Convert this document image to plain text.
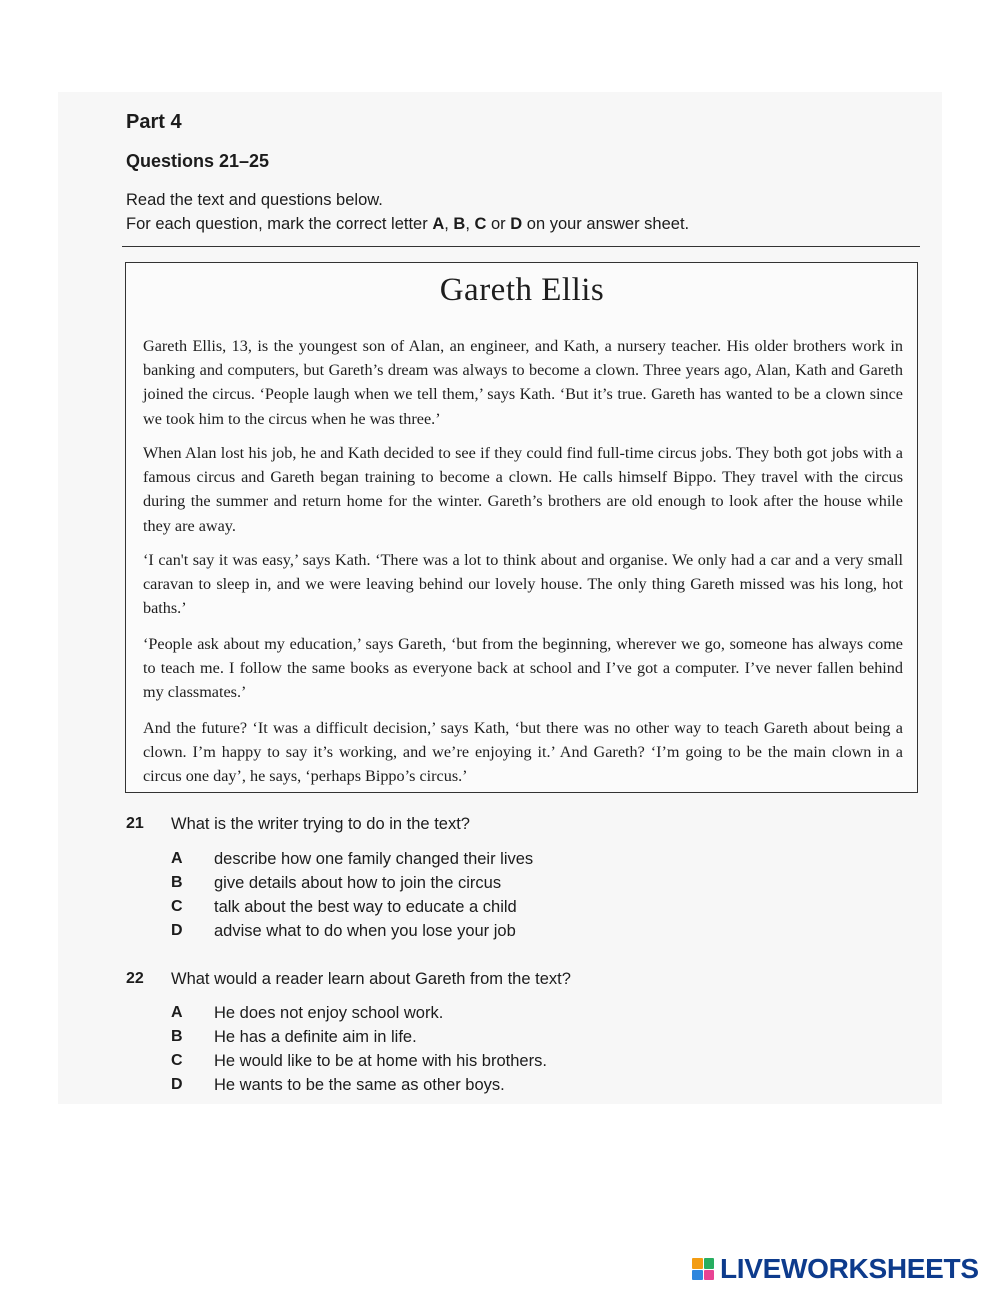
Part 4
Questions 21–25
Read the text and questions below.
For each question, mark the correct letter A, B, C or D on your answer sheet.
Gareth Ellis

Gareth Ellis, 13, is the youngest son of Alan, an engineer, and Kath, a nursery teacher. His older brothers work in banking and computers, but Gareth’s dream was always to become a clown. Three years ago, Alan, Kath and Gareth joined the circus. ‘People laugh when we tell them,’ says Kath. ‘But it’s true. Gareth has wanted to be a clown since we took him to the circus when he was three.’

When Alan lost his job, he and Kath decided to see if they could find full-time circus jobs. They both got jobs with a famous circus and Gareth began training to become a clown. He calls himself Bippo. They travel with the circus during the summer and return home for the winter. Gareth’s brothers are old enough to look after the house while they are away.

‘I can't say it was easy,’ says Kath. ‘There was a lot to think about and organise. We only had a car and a very small caravan to sleep in, and we were leaving behind our lovely house. The only thing Gareth missed was his long, hot baths.’

‘People ask about my education,’ says Gareth, ‘but from the beginning, wherever we go, someone has always come to teach me. I follow the same books as everyone back at school and I’ve got a computer. I’ve never fallen behind my classmates.’

And the future? ‘It was a difficult decision,’ says Kath, ‘but there was no other way to teach Gareth about being a clown. I’m happy to say it’s working, and we’re enjoying it.’ And Gareth? ‘I’m going to be the main clown in a circus one day’, he says, ‘perhaps Bippo’s circus.’

21 What is the writer trying to do in the text?
A describe how one family changed their lives
B give details about how to join the circus
C talk about the best way to educate a child
D advise what to do when you lose your job
22 What would a reader learn about Gareth from the text?
A He does not enjoy school work.
B He has a definite aim in life.
C He would like to be at home with his brothers.
D He wants to be the same as other boys.
LIVEWORKSHEETS
